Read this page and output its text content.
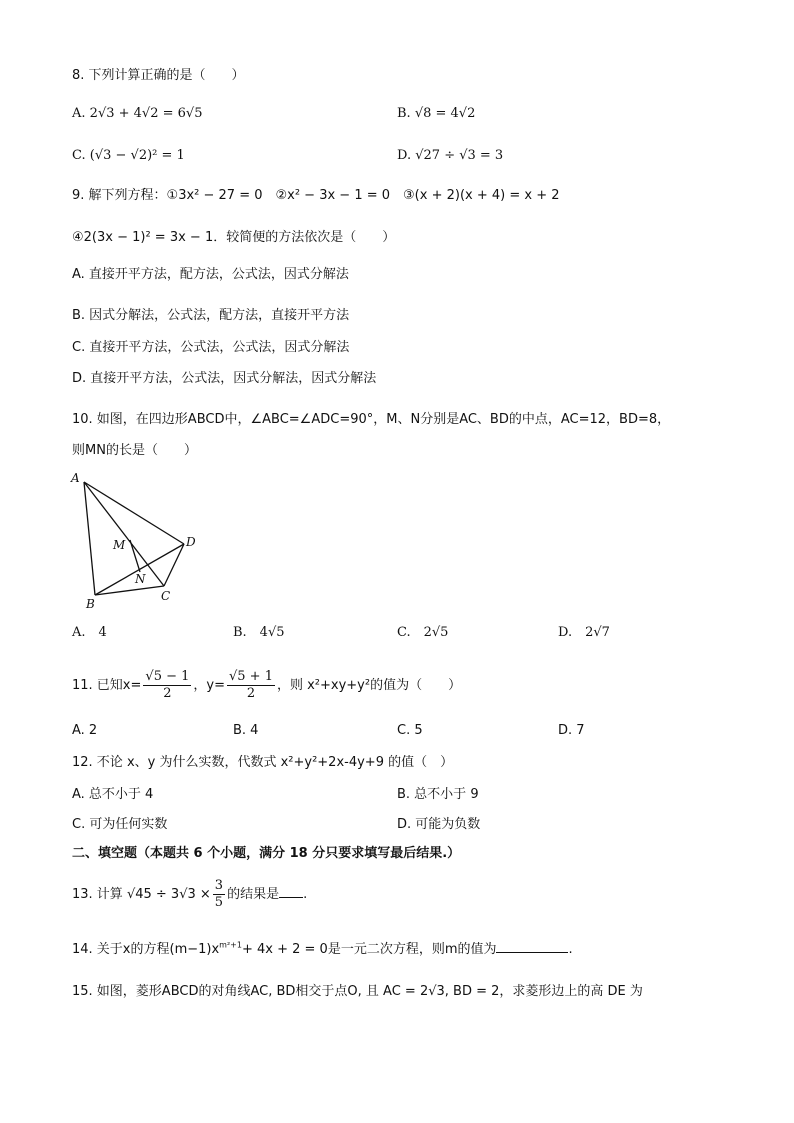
8. 下列计算正确的是（　　）
A. 2√3 + 4√2 = 6√5	B. √8 = 4√2
C. (√3 − √2)² = 1	D. √27 ÷ √3 = 3
9. 解下列方程：①3x² − 27 = 0　②x² − 3x − 1 = 0　③(x + 2)(x + 4) = x + 2
④2(3x − 1)² = 3x − 1．较简便的方法依次是（　　）
A. 直接开平方法，配方法，公式法，因式分解法
B. 因式分解法，公式法，配方法，直接开平方法
C. 直接开平方法，公式法，公式法，因式分解法
D. 直接开平方法，公式法，因式分解法，因式分解法
10. 如图，在四边形ABCD中，∠ABC=∠ADC=90°，M、N分别是AC、BD的中点，AC=12，BD=8，
则MN的长是（　　）
A
B
C
D
M
N
A.　4	B.　4√5	C.　2√5	D.　2√7
11. 已知$x= \frac{√5 - 1}{2}$ ，$y= \frac{√5 + 1}{2}$ ，则 x²+xy+y²的值为（　　）
A. 2	B. 4	C. 5	D. 7
12. 不论 x、y 为什么实数，代数式 x²+y²+2x-4y+9 的值（　）
A. 总不小于 4	B. 总不小于 9
C. 可为任何实数	D. 可能为负数
二、填空题（本题共 6 个小题，满分 18 分只要求填写最后结果.）
13. 计算 $√45 \div 3√3 \times \frac{3}{5}$ 的结果是 .
14. 关于x的方程$(m-1)x^{m^2+1}+ 4x + 2 = 0$是一元二次方程，则m的值为	.
15. 如图，菱形ABCD的对角线AC, BD相交于点O, 且 AC = 2√3, BD = 2，求菱形边上的高 DE 为
